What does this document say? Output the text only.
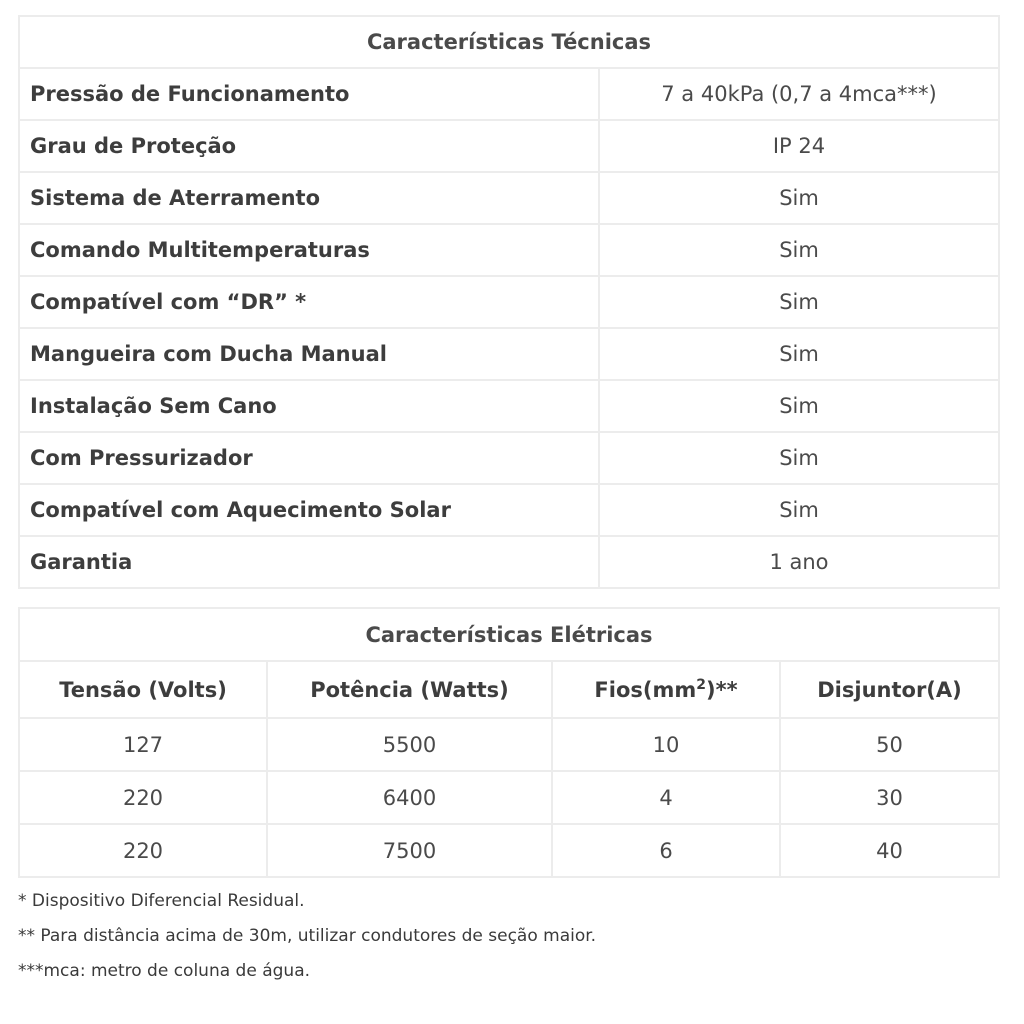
Características Técnicas	
Pressão de Funcionamento	7 a 40kPa (0,7 a 4mca***)
Grau de Proteção	IP 24
Sistema de Aterramento	Sim
Comando Multitemperaturas	Sim
Compatível com “DR” *	Sim
Mangueira com Ducha Manual	Sim
Instalação Sem Cano	Sim
Com Pressurizador	Sim
Compatível com Aquecimento Solar	Sim
Garantia	1 ano
Características Elétricas			
Tensão (Volts)	Potência (Watts)	$Fios(mm^2)**$	Disjuntor(A)
127	5500	10	50
220	6400	4	30
220	7500	6	40
* Dispositivo Diferencial Residual.
** Para distância acima de 30m, utilizar condutores de seção maior.
***mca: metro de coluna de água.
